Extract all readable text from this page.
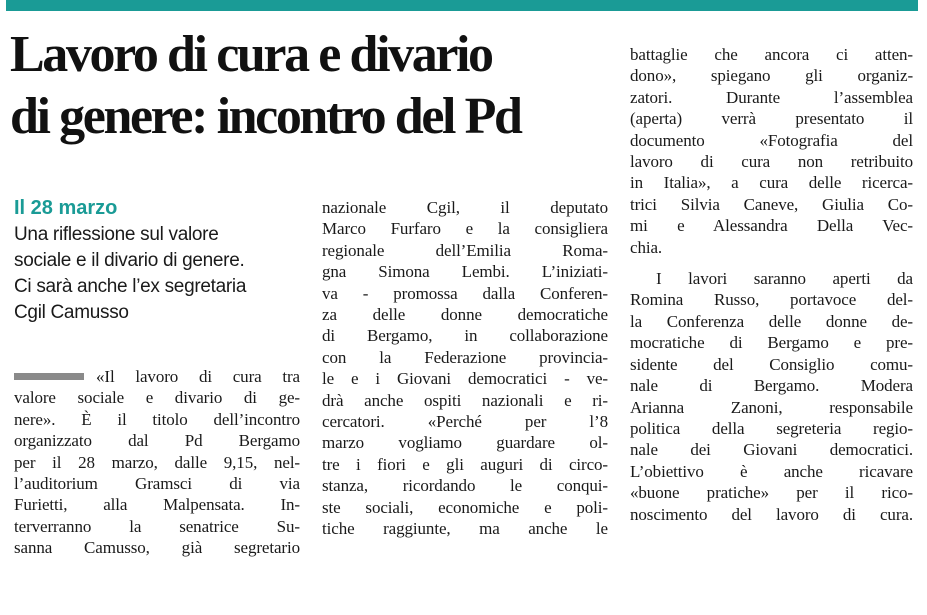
Lavoro di cura e divario
di genere: incontro del Pd
Il 28 marzo
Una riflessione sul valore
sociale e il divario di genere.
Ci sarà anche l’ex segretaria
Cgil Camusso
«Il lavoro di cura tra
valore sociale e divario di ge-
nere». È il titolo dell’incontro
organizzato dal Pd Bergamo
per il 28 marzo, dalle 9,15, nel-
l’auditorium Gramsci di via
Furietti, alla Malpensata. In-
terverranno la senatrice Su-
sanna Camusso, già segretario
nazionale Cgil, il deputato
Marco Furfaro e la consigliera
regionale dell’Emilia Roma-
gna Simona Lembi. L’iniziati-
va - promossa dalla Conferen-
za delle donne democratiche
di Bergamo, in collaborazione
con la Federazione provincia-
le e i Giovani democratici - ve-
drà anche ospiti nazionali e ri-
cercatori. «Perché per l’8
marzo vogliamo guardare ol-
tre i fiori e gli auguri di circo-
stanza, ricordando le conqui-
ste sociali, economiche e poli-
tiche raggiunte, ma anche le
battaglie che ancora ci atten-
dono», spiegano gli organiz-
zatori. Durante l’assemblea
(aperta) verrà presentato il
documento «Fotografia del
lavoro di cura non retribuito
in Italia», a cura delle ricerca-
trici Silvia Caneve, Giulia Co-
mi e Alessandra Della Vec-
chia.
I lavori saranno aperti da
Romina Russo, portavoce del-
la Conferenza delle donne de-
mocratiche di Bergamo e pre-
sidente del Consiglio comu-
nale di Bergamo. Modera
Arianna Zanoni, responsabile
politica della segreteria regio-
nale dei Giovani democratici.
L’obiettivo è anche ricavare
«buone pratiche» per il rico-
noscimento del lavoro di cura.
